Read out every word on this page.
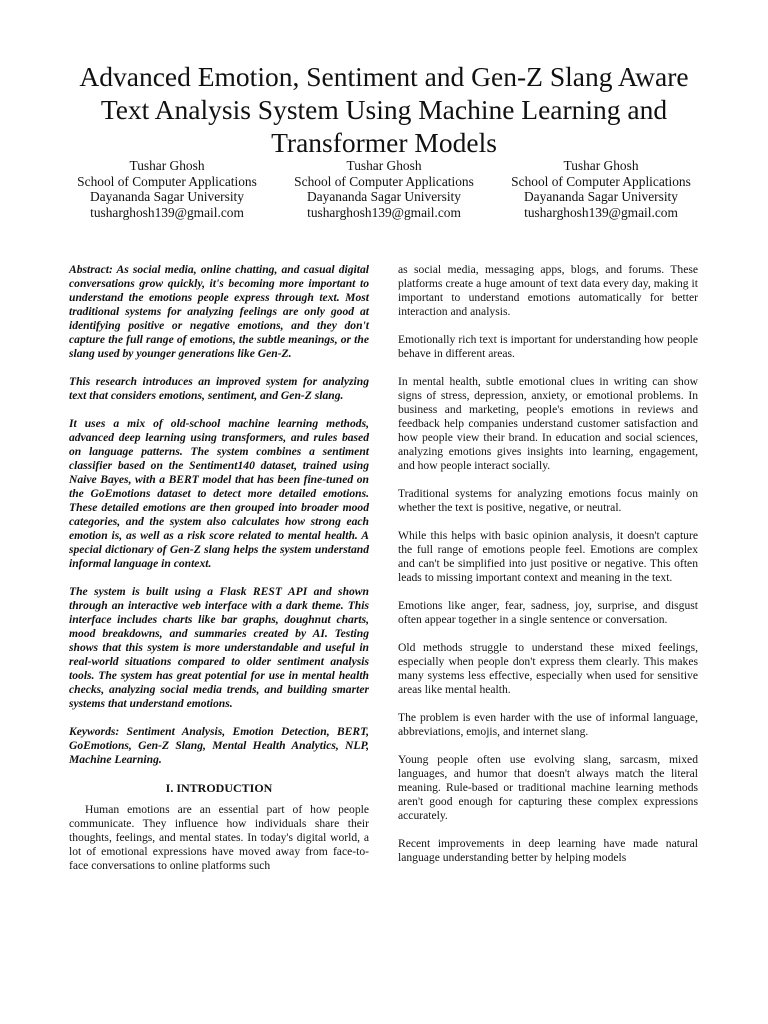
Advanced Emotion, Sentiment and Gen-Z Slang Aware Text Analysis System Using Machine Learning and Transformer Models
Tushar Ghosh
School of Computer Applications
Dayananda Sagar University
tusharghosh139@gmail.com
Tushar Ghosh
School of Computer Applications
Dayananda Sagar University
tusharghosh139@gmail.com
Tushar Ghosh
School of Computer Applications
Dayananda Sagar University
tusharghosh139@gmail.com

Abstract: As social media, online chatting, and casual digital conversations grow quickly, it's becoming more important to understand the emotions people express through text. Most traditional systems for analyzing feelings are only good at identifying positive or negative emotions, and they don't capture the full range of emotions, the subtle meanings, or the slang used by younger generations like Gen-Z.

This research introduces an improved system for analyzing text that considers emotions, sentiment, and Gen-Z slang.

It uses a mix of old-school machine learning methods, advanced deep learning using transformers, and rules based on language patterns. The system combines a sentiment classifier based on the Sentiment140 dataset, trained using Naive Bayes, with a BERT model that has been fine-tuned on the GoEmotions dataset to detect more detailed emotions. These detailed emotions are then grouped into broader mood categories, and the system also calculates how strong each emotion is, as well as a risk score related to mental health. A special dictionary of Gen-Z slang helps the system understand informal language in context.

The system is built using a Flask REST API and shown through an interactive web interface with a dark theme. This interface includes charts like bar graphs, doughnut charts, mood breakdowns, and summaries created by AI. Testing shows that this system is more understandable and useful in real-world situations compared to older sentiment analysis tools. The system has great potential for use in mental health checks, analyzing social media trends, and building smarter systems that understand emotions.

Keywords: Sentiment Analysis, Emotion Detection, BERT, GoEmotions, Gen-Z Slang, Mental Health Analytics, NLP, Machine Learning.

I. INTRODUCTION

Human emotions are an essential part of how people communicate. They influence how individuals share their thoughts, feelings, and mental states. In today's digital world, a lot of emotional expressions have moved away from face-to-face conversations to online platforms such

as social media, messaging apps, blogs, and forums. These platforms create a huge amount of text data every day, making it important to understand emotions automatically for better interaction and analysis.

Emotionally rich text is important for understanding how people behave in different areas.

In mental health, subtle emotional clues in writing can show signs of stress, depression, anxiety, or emotional problems. In business and marketing, people's emotions in reviews and feedback help companies understand customer satisfaction and how people view their brand. In education and social sciences, analyzing emotions gives insights into learning, engagement, and how people interact socially.

Traditional systems for analyzing emotions focus mainly on whether the text is positive, negative, or neutral.

While this helps with basic opinion analysis, it doesn't capture the full range of emotions people feel. Emotions are complex and can't be simplified into just positive or negative. This often leads to missing important context and meaning in the text.

Emotions like anger, fear, sadness, joy, surprise, and disgust often appear together in a single sentence or conversation.

Old methods struggle to understand these mixed feelings, especially when people don't express them clearly. This makes many systems less effective, especially when used for sensitive areas like mental health.

The problem is even harder with the use of informal language, abbreviations, emojis, and internet slang.

Young people often use evolving slang, sarcasm, mixed languages, and humor that doesn't always match the literal meaning. Rule-based or traditional machine learning methods aren't good enough for capturing these complex expressions accurately.

Recent improvements in deep learning have made natural language understanding better by helping models
